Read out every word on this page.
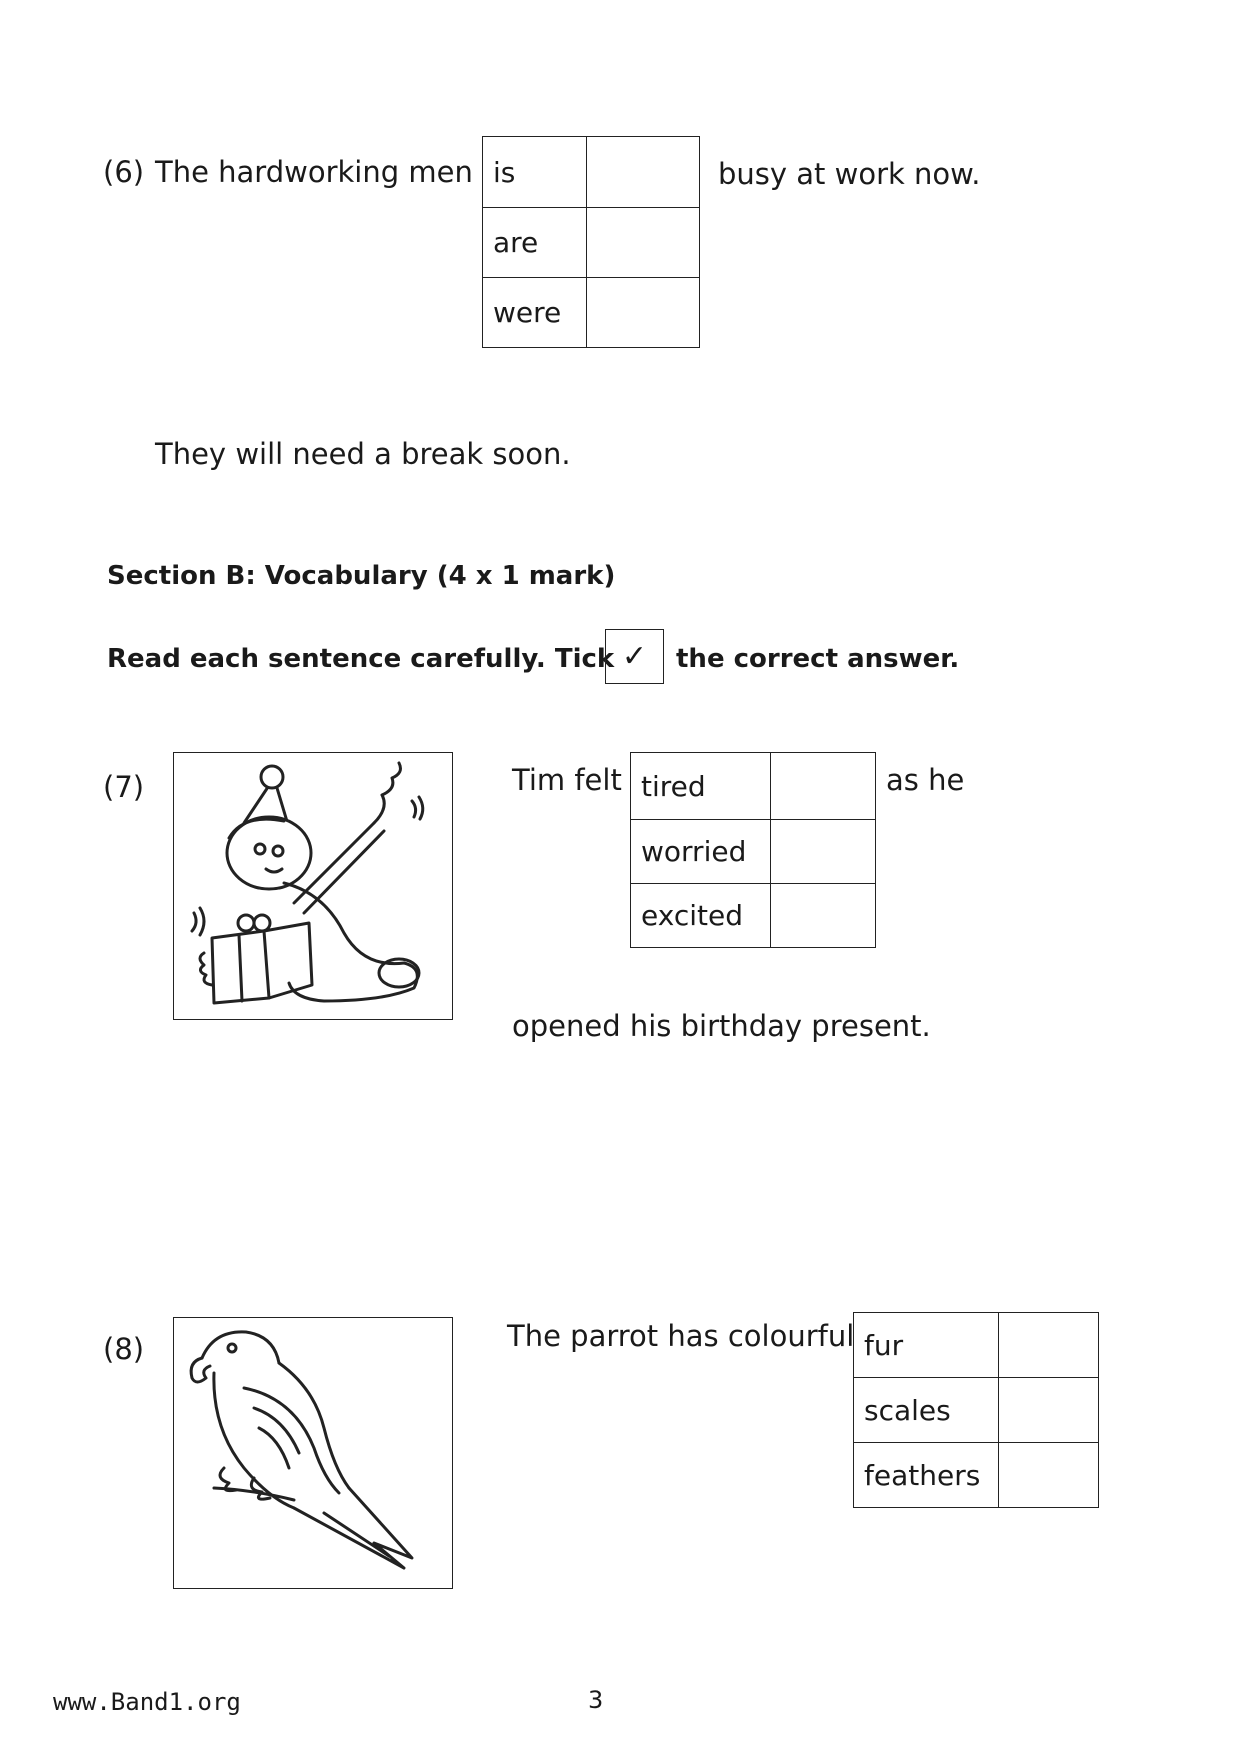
(6) The hardworking men is	
are	
were	
busy at work now.
They will need a break soon.
Section B: Vocabulary (4 x 1 mark)
Read each sentence carefully. Tick ✓ the correct answer.
(7)	Tim felt tired	
worried	
excited	
as he
opened his birthday present.
(8)	The parrot has colourful fur	
scales	
feathers	
www.Band1.org	3
